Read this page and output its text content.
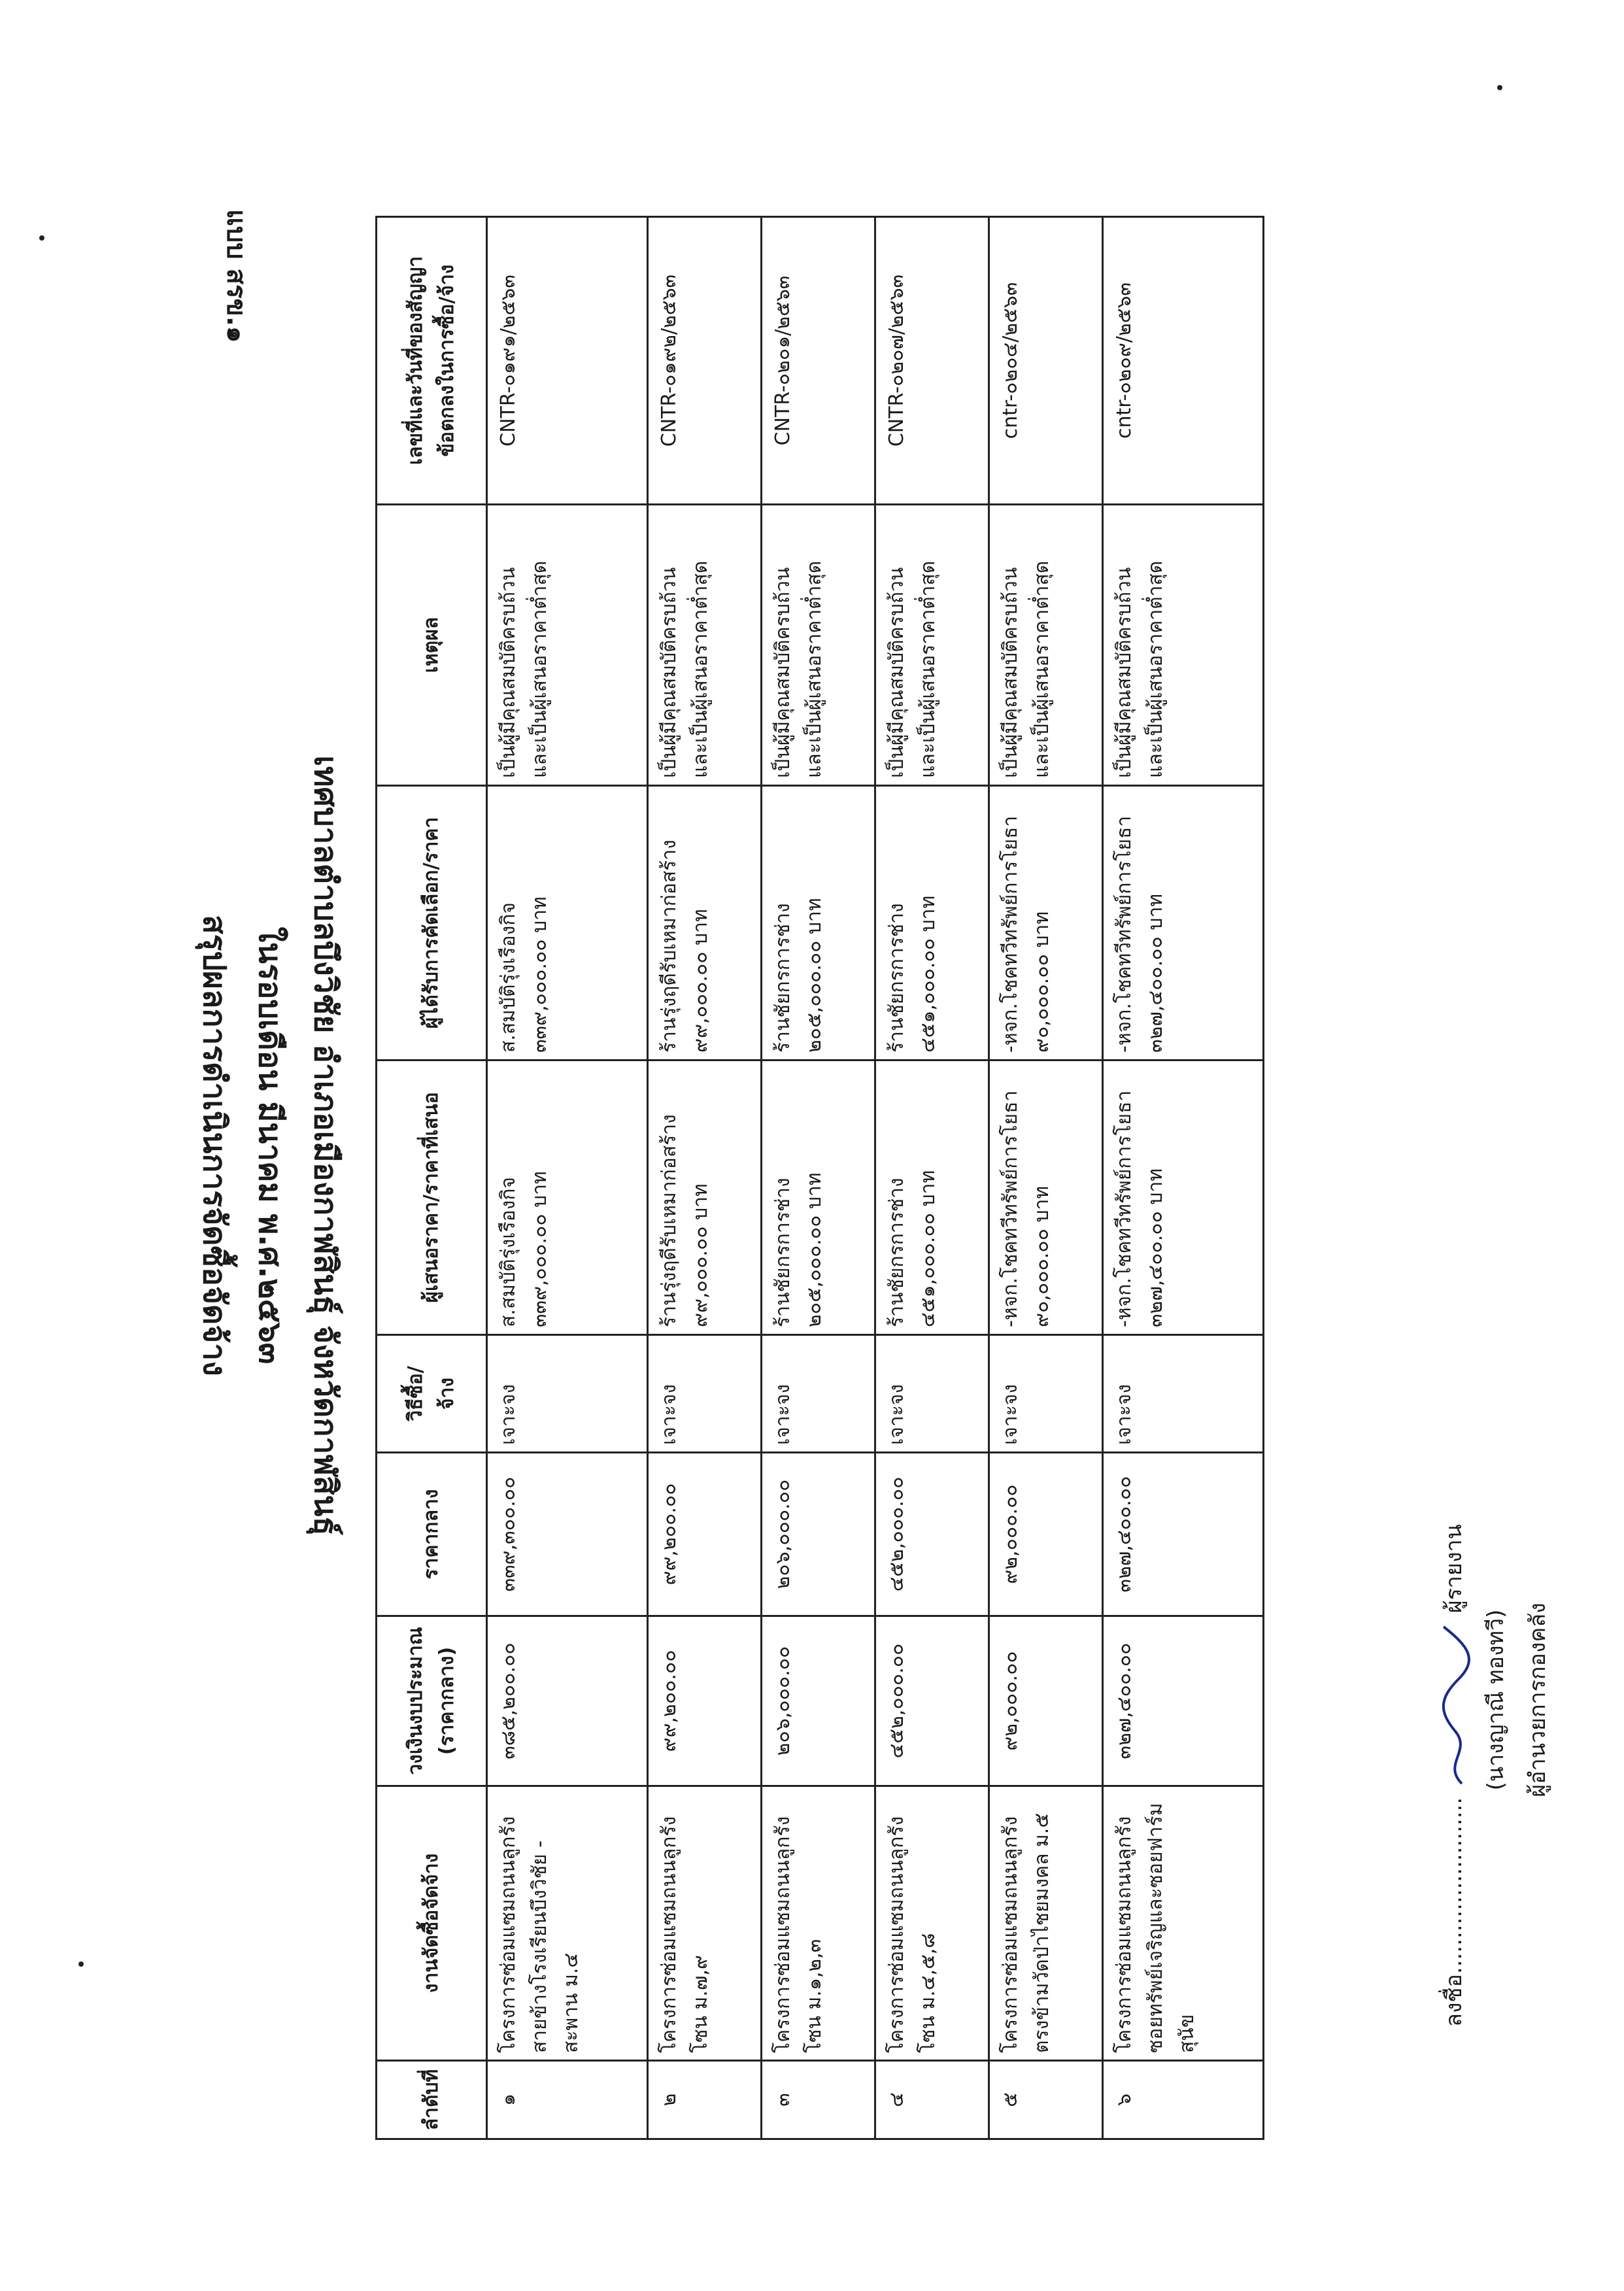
แบบ สรข.๑
สรุปผลการดำเนินการจัดซื้อจัดจ้าง ในรอบเดือน มีนาคม พ.ศ.๒๕๖๓ เทศบาลตำบลบึงวิชัย อำเภอเมืองกาฬสินธุ์ จังหวัดกาฬสินธุ์
ลำดับที่	งานจัดซื้อจัดจ้าง	วงเงินงบประมาณ (ราคากลาง)	ราคากลาง	วิธีซื้อ/ จ้าง	ผู้เสนอราคา/ราคาที่เสนอ	ผู้ได้รับการคัดเลือก/ราคา	เหตุผล	เลขที่และวันที่ของสัญญา ข้อตกลงในการซื้อ/จ้าง

๑	โครงการซ่อมแซมถนนลูกรัง สายข้างโรงเรียนบึงวิชัย - สะพาน ม.๔	๓๘๕,๒๐๐.๐๐	๓๓๙,๓๐๐.๐๐	เจาะจง	ส.สมบัติรุ่งเรืองกิจ ๓๓๙,๐๐๐.๐๐ บาท	ส.สมบัติรุ่งเรืองกิจ ๓๓๙,๐๐๐.๐๐ บาท	เป็นผู้มีคุณสมบัติครบถ้วน และเป็นผู้เสนอราคาต่ำสุด	CNTR-๐๑๙๑/๒๕๖๓
๒	โครงการซ่อมแซมถนนลูกรัง โซน ม.๗,๙	๙๙,๒๐๐.๐๐	๙๙,๒๐๐.๐๐	เจาะจง	ร้านรุ่งฤดีรับเหมาก่อสร้าง ๙๙,๐๐๐.๐๐ บาท	ร้านรุ่งฤดีรับเหมาก่อสร้าง ๙๙,๐๐๐.๐๐ บาท	เป็นผู้มีคุณสมบัติครบถ้วน และเป็นผู้เสนอราคาต่ำสุด	CNTR-๐๑๙๒/๒๕๖๓
๓	โครงการซ่อมแซมถนนลูกรัง โซน ม.๑,๒,๓	๒๐๖,๐๐๐.๐๐	๒๐๖,๐๐๐.๐๐	เจาะจง	ร้านชัยกรการช่าง ๒๐๕,๐๐๐.๐๐ บาท	ร้านชัยกรการช่าง ๒๐๕,๐๐๐.๐๐ บาท	เป็นผู้มีคุณสมบัติครบถ้วน และเป็นผู้เสนอราคาต่ำสุด	CNTR-๐๒๐๑/๒๕๖๓
๔	โครงการซ่อมแซมถนนลูกรัง โซน ม.๔,๕,๘	๔๕๒,๐๐๐.๐๐	๔๕๒,๐๐๐.๐๐	เจาะจง	ร้านชัยกรการช่าง ๔๕๑,๐๐๐.๐๐ บาท	ร้านชัยกรการช่าง ๔๕๑,๐๐๐.๐๐ บาท	เป็นผู้มีคุณสมบัติครบถ้วน และเป็นผู้เสนอราคาต่ำสุด	CNTR-๐๒๐๗/๒๕๖๓
๕	โครงการซ่อมแซมถนนลูกรัง ตรงข้ามวัดป่าไชยมงคล ม.๕	๙๒,๐๐๐.๐๐	๙๒,๐๐๐.๐๐	เจาะจง	-หจก.โชคทวีทรัพย์การโยธา ๙๐,๐๐๐.๐๐ บาท	-หจก.โชคทวีทรัพย์การโยธา ๙๐,๐๐๐.๐๐ บาท	เป็นผู้มีคุณสมบัติครบถ้วน และเป็นผู้เสนอราคาต่ำสุด	cntr-๐๒๐๔/๒๕๖๓
๖	โครงการซ่อมแซมถนนลูกรัง ซอยทรัพย์เจริญและซอยฟาร์มสุนัข	๓๒๗,๔๐๐.๐๐	๓๒๗,๔๐๐.๐๐	เจาะจง	-หจก.โชคทวีทรัพย์การโยธา ๓๒๗,๔๐๐.๐๐ บาท	-หจก.โชคทวีทรัพย์การโยธา ๓๒๗,๔๐๐.๐๐ บาท	เป็นผู้มีคุณสมบัติครบถ้วน และเป็นผู้เสนอราคาต่ำสุด	cntr-๐๒๐๙/๒๕๖๓
ลงชื่อ.........................  ผู้รายงาน
(นางญาณี ทองทวี) ผู้อำนวยการกองคลัง
